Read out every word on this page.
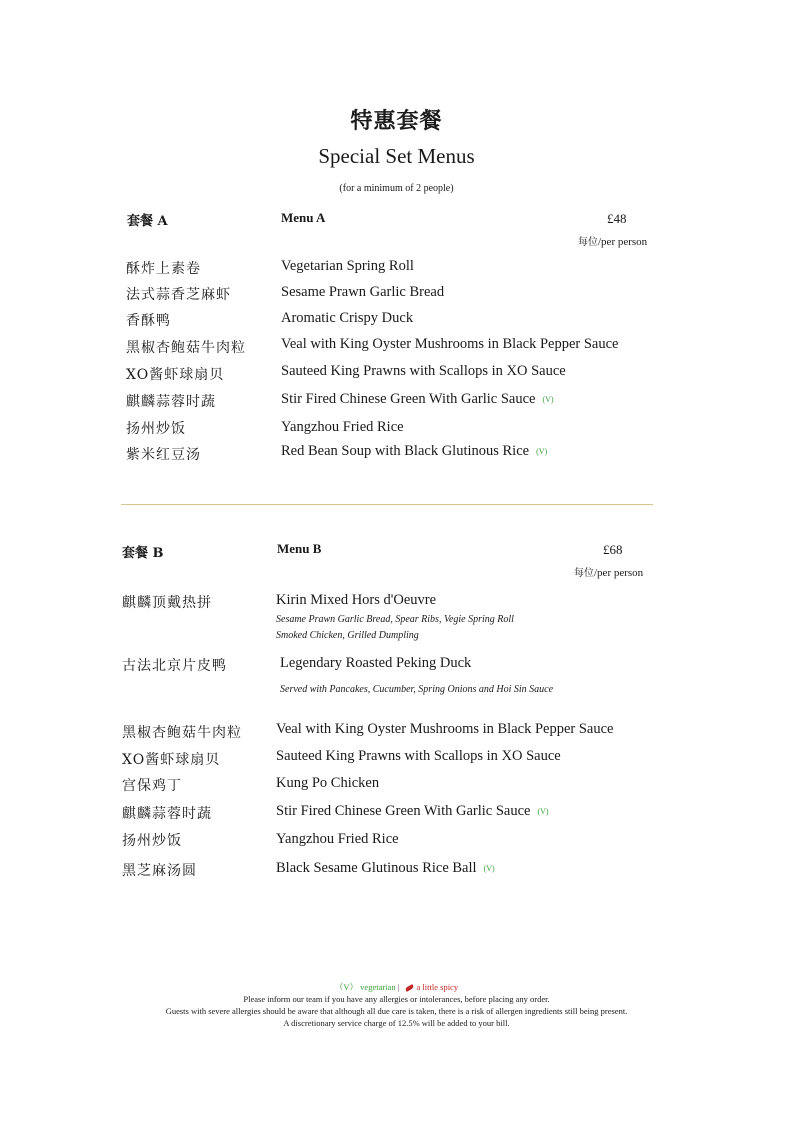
特惠套餐
Special Set Menus
(for a minimum of 2 people)
套餐 A	Menu A	£48
每位/per person
酥炸上素卷	Vegetarian Spring Roll
法式蒜香芝麻虾	Sesame Prawn Garlic Bread
香酥鸭	Aromatic Crispy Duck
黑椒杏鲍菇牛肉粒 Veal with King Oyster Mushrooms in Black Pepper Sauce
XO酱虾球扇贝	Sauteed King Prawns with Scallops in XO Sauce
麒麟蒜蓉时蔬	Stir Fired Chinese Green With Garlic Sauce (V)
扬州炒饭	Yangzhou Fried Rice
紫米红豆汤	Red Bean Soup with Black Glutinous Rice (V)
套餐 B	Menu B	£68
每位/per person
麒麟顶戴热拼	Kirin Mixed Hors d'Oeuvre
Sesame Prawn Garlic Bread, Spear Ribs, Vegie Spring Roll
Smoked Chicken, Grilled Dumpling
古法北京片皮鸭	Legendary Roasted Peking Duck
Served with Pancakes, Cucumber, Spring Onions and Hoi Sin Sauce
黑椒杏鲍菇牛肉粒 Veal with King Oyster Mushrooms in Black Pepper Sauce
XO酱虾球扇贝	Sauteed King Prawns with Scallops in XO Sauce
宫保鸡丁	Kung Po Chicken
麒麟蒜蓉时蔬	Stir Fired Chinese Green With Garlic Sauce (V)
扬州炒饭	Yangzhou Fried Rice
黑芝麻汤圆	Black Sesame Glutinous Rice Ball (V)
（V） vegetarian | a little spicy
Please inform our team if you have any allergies or intolerances, before placing any order.
Guests with severe allergies should be aware that although all due care is taken, there is a risk of allergen ingredients still being present.
A discretionary service charge of 12.5% will be added to your bill.
